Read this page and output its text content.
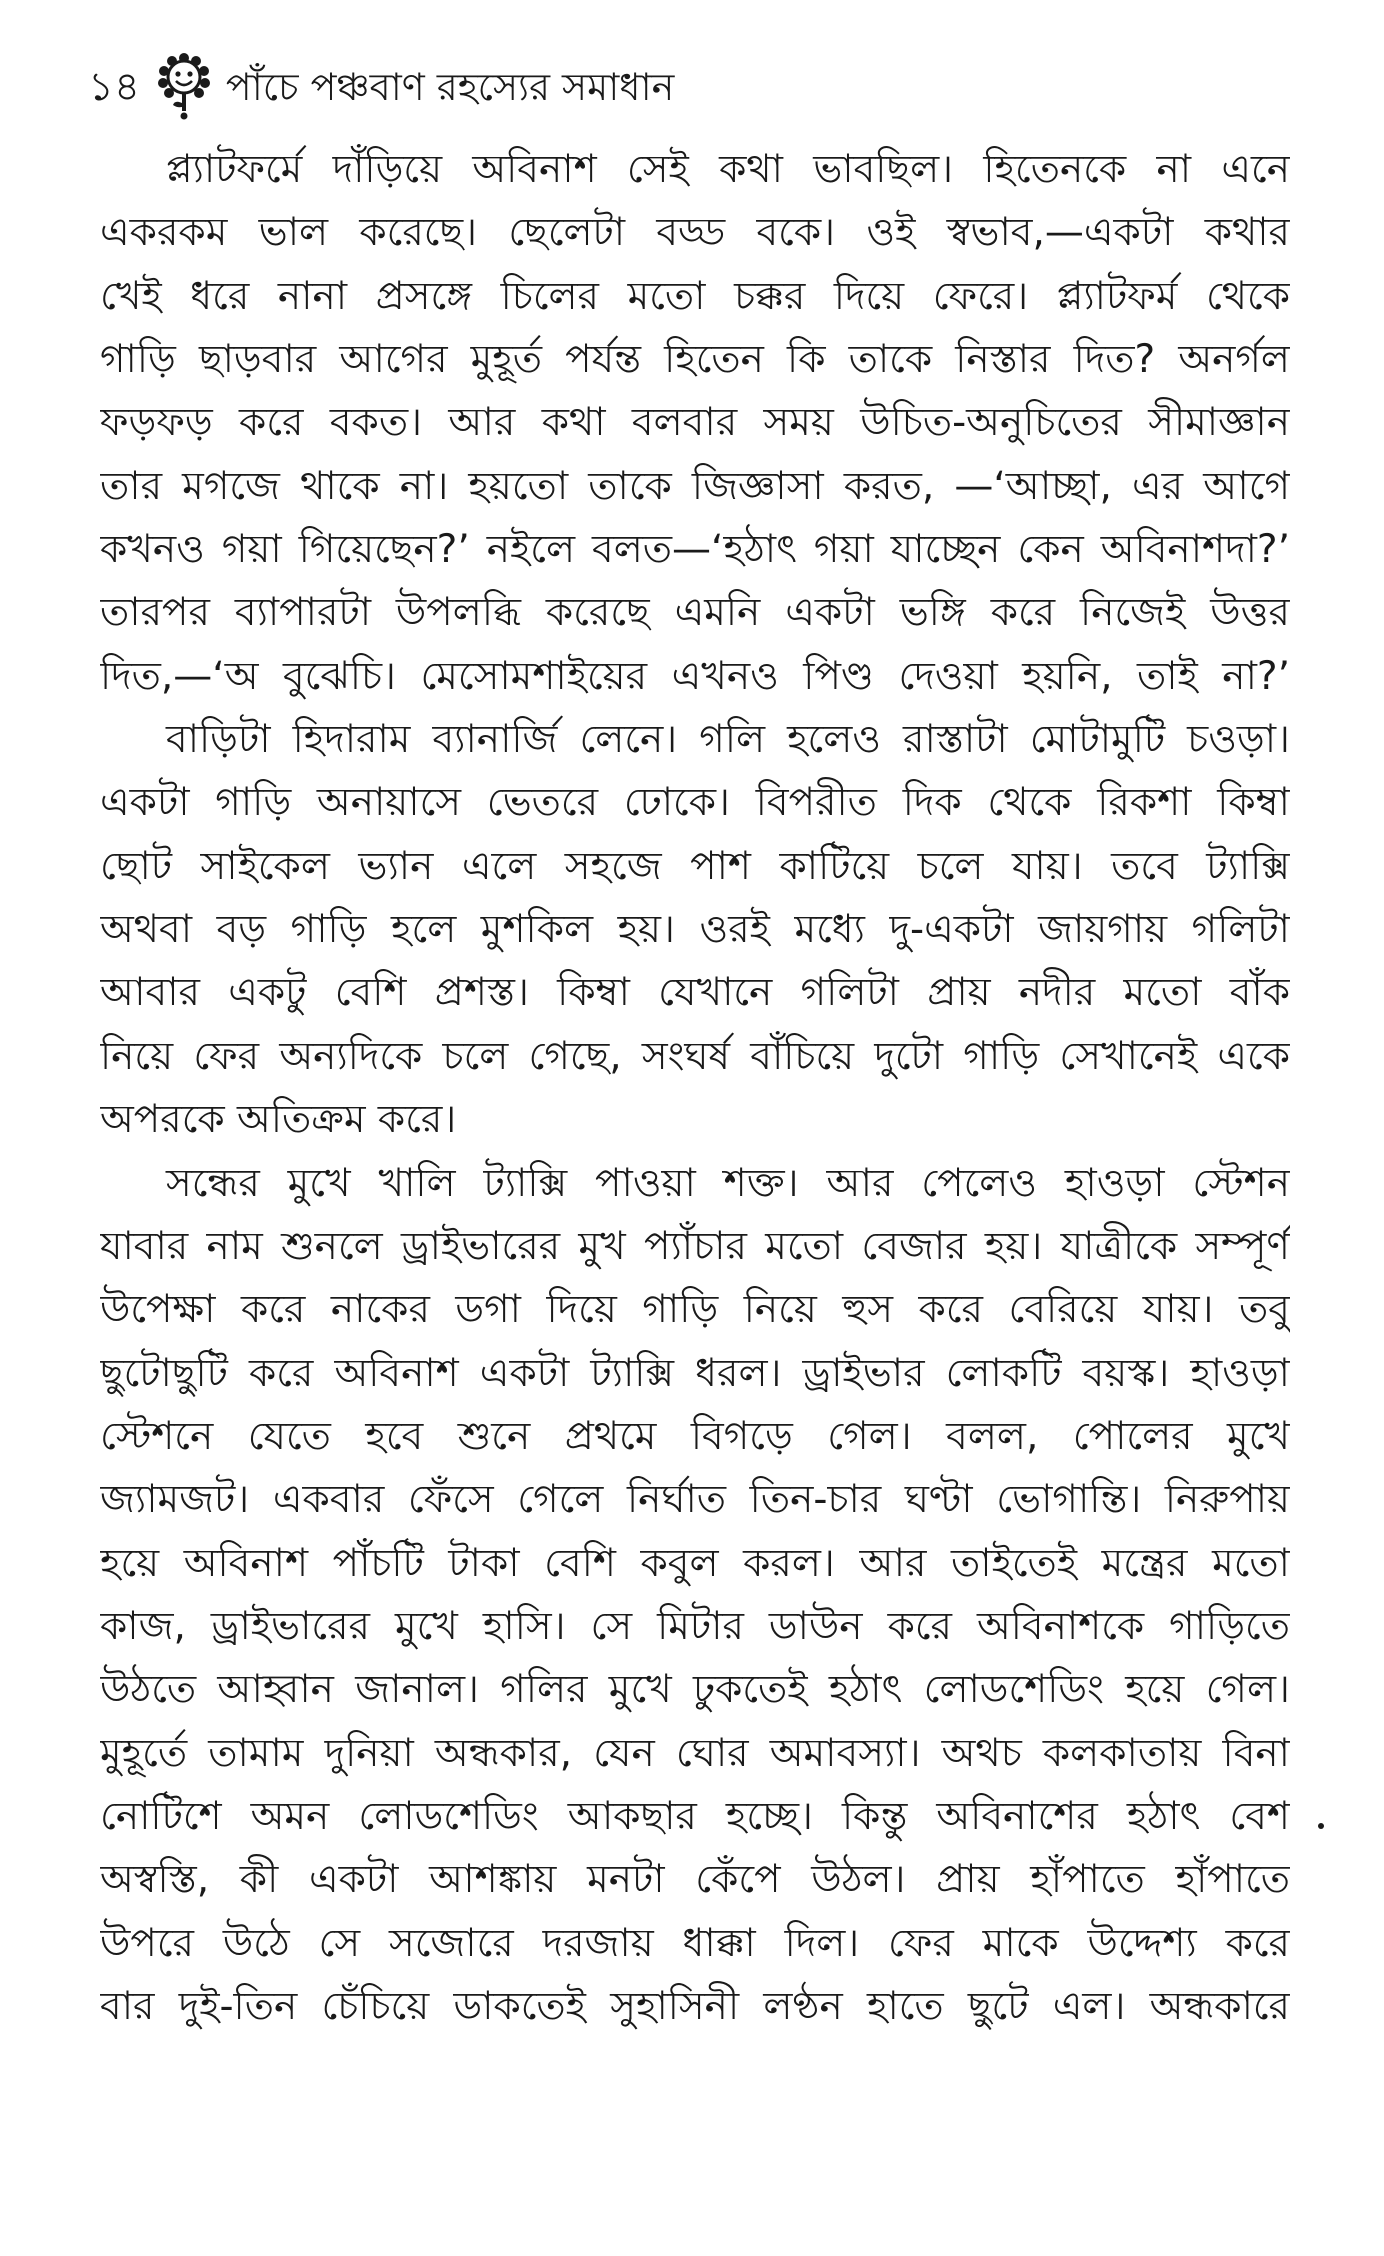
১৪ পাঁচে পঞ্চবাণ রহস্যের সমাধান
প্ল্যাটফর্মে দাঁড়িয়ে অবিনাশ সেই কথা ভাবছিল। হিতেনকে না এনে
একরকম ভাল করেছে। ছেলেটা বড্ড বকে। ওই স্বভাব,—একটা কথার
খেই ধরে নানা প্রসঙ্গে চিলের মতো চক্কর দিয়ে ফেরে। প্ল্যাটফর্ম থেকে
গাড়ি ছাড়বার আগের মুহূর্ত পর্যন্ত হিতেন কি তাকে নিস্তার দিত? অনর্গল
ফড়ফড় করে বকত। আর কথা বলবার সময় উচিত-অনুচিতের সীমাজ্ঞান
তার মগজে থাকে না। হয়তো তাকে জিজ্ঞাসা করত, —‘আচ্ছা, এর আগে
কখনও গয়া গিয়েছেন?’ নইলে বলত—‘হঠাৎ গয়া যাচ্ছেন কেন অবিনাশদা?’
তারপর ব্যাপারটা উপলব্ধি করেছে এমনি একটা ভঙ্গি করে নিজেই উত্তর
দিত,—‘অ বুঝেচি। মেসোমশাইয়ের এখনও পিণ্ড দেওয়া হয়নি, তাই না?’
বাড়িটা হিদারাম ব্যানার্জি লেনে। গলি হলেও রাস্তাটা মোটামুটি চওড়া।
একটা গাড়ি অনায়াসে ভেতরে ঢোকে। বিপরীত দিক থেকে রিকশা কিম্বা
ছোট সাইকেল ভ্যান এলে সহজে পাশ কাটিয়ে চলে যায়। তবে ট্যাক্সি
অথবা বড় গাড়ি হলে মুশকিল হয়। ওরই মধ্যে দু-একটা জায়গায় গলিটা
আবার একটু বেশি প্রশস্ত। কিম্বা যেখানে গলিটা প্রায় নদীর মতো বাঁক
নিয়ে ফের অন্যদিকে চলে গেছে, সংঘর্ষ বাঁচিয়ে দুটো গাড়ি সেখানেই একে
অপরকে অতিক্রম করে।
সন্ধের মুখে খালি ট্যাক্সি পাওয়া শক্ত। আর পেলেও হাওড়া স্টেশন
যাবার নাম শুনলে ড্রাইভারের মুখ প্যাঁচার মতো বেজার হয়। যাত্রীকে সম্পূর্ণ
উপেক্ষা করে নাকের ডগা দিয়ে গাড়ি নিয়ে হুস করে বেরিয়ে যায়। তবু
ছুটোছুটি করে অবিনাশ একটা ট্যাক্সি ধরল। ড্রাইভার লোকটি বয়স্ক। হাওড়া
স্টেশনে যেতে হবে শুনে প্রথমে বিগড়ে গেল। বলল, পোলের মুখে
জ্যামজট। একবার ফেঁসে গেলে নির্ঘাত তিন-চার ঘণ্টা ভোগান্তি। নিরুপায়
হয়ে অবিনাশ পাঁচটি টাকা বেশি কবুল করল। আর তাইতেই মন্ত্রের মতো
কাজ, ড্রাইভারের মুখে হাসি। সে মিটার ডাউন করে অবিনাশকে গাড়িতে
উঠতে আহ্বান জানাল। গলির মুখে ঢুকতেই হঠাৎ লোডশেডিং হয়ে গেল।
মুহূর্তে তামাম দুনিয়া অন্ধকার, যেন ঘোর অমাবস্যা। অথচ কলকাতায় বিনা
নোটিশে অমন লোডশেডিং আকছার হচ্ছে। কিন্তু অবিনাশের হঠাৎ বেশ
অস্বস্তি, কী একটা আশঙ্কায় মনটা কেঁপে উঠল। প্রায় হাঁপাতে হাঁপাতে
উপরে উঠে সে সজোরে দরজায় ধাক্কা দিল। ফের মাকে উদ্দেশ্য করে
বার দুই-তিন চেঁচিয়ে ডাকতেই সুহাসিনী লণ্ঠন হাতে ছুটে এল। অন্ধকারে
